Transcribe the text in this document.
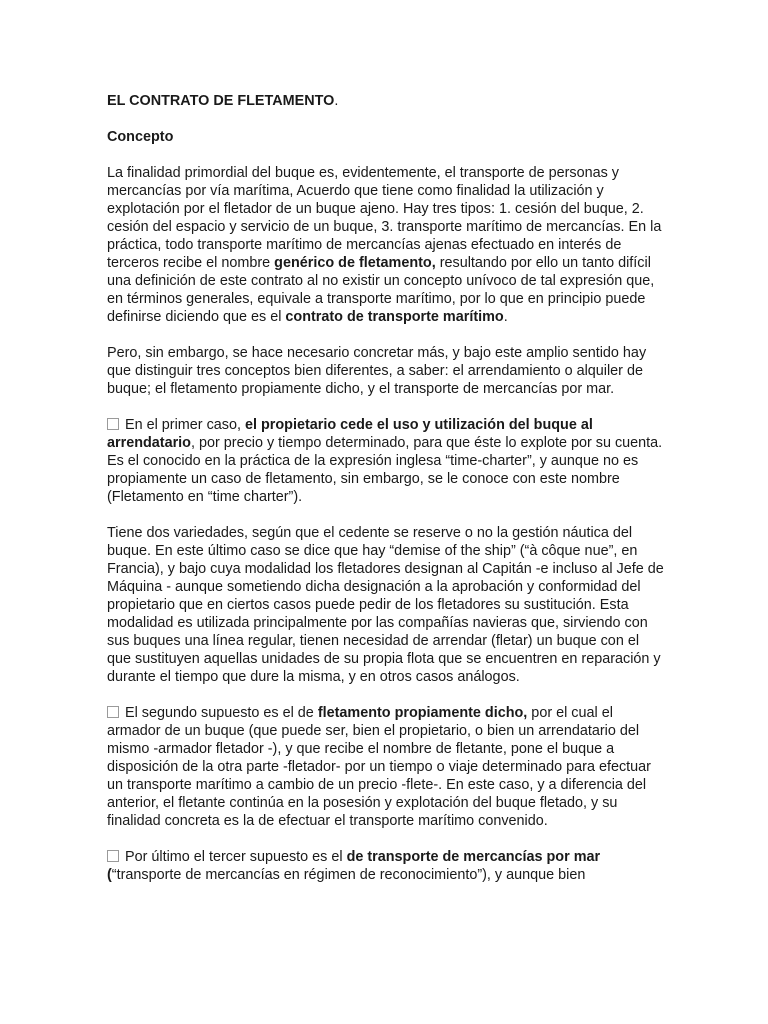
EL CONTRATO DE FLETAMENTO.
Concepto

La finalidad primordial del buque es, evidentemente, el transporte de personas y mercancías por vía marítima, Acuerdo que tiene como finalidad la utilización y explotación por el fletador de un buque ajeno. Hay tres tipos: 1. cesión del buque, 2. cesión del espacio y servicio de un buque, 3. transporte marítimo de mercancías. En la práctica, todo transporte marítimo de mercancías ajenas efectuado en interés de terceros recibe el nombre genérico de fletamento, resultando por ello un tanto difícil una definición de este contrato al no existir un concepto unívoco de tal expresión que, en términos generales, equivale a transporte marítimo, por lo que en principio puede definirse diciendo que es el contrato de transporte marítimo.

Pero, sin embargo, se hace necesario concretar más, y bajo este amplio sentido hay que distinguir tres conceptos bien diferentes, a saber: el arrendamiento o alquiler de buque; el fletamento propiamente dicho, y el transporte de mercancías por mar.

En el primer caso, el propietario cede el uso y utilización del buque al arrendatario, por precio y tiempo determinado, para que éste lo explote por su cuenta. Es el conocido en la práctica de la expresión inglesa “time-charter”, y aunque no es propiamente un caso de fletamento, sin embargo, se le conoce con este nombre (Fletamento en “time charter”).

Tiene dos variedades, según que el cedente se reserve o no la gestión náutica del buque. En este último caso se dice que hay “demise of the ship” (“à côque nue”, en Francia), y bajo cuya modalidad los fletadores designan al Capitán -e incluso al Jefe de Máquina - aunque sometiendo dicha designación a la aprobación y conformidad del propietario que en ciertos casos puede pedir de los fletadores su sustitución. Esta modalidad es utilizada principalmente por las compañías navieras que, sirviendo con sus buques una línea regular, tienen necesidad de arrendar (fletar) un buque con el que sustituyen aquellas unidades de su propia flota que se encuentren en reparación y durante el tiempo que dure la misma, y en otros casos análogos.

El segundo supuesto es el de fletamento propiamente dicho, por el cual el armador de un buque (que puede ser, bien el propietario, o bien un arrendatario del mismo -armador fletador -), y que recibe el nombre de fletante, pone el buque a disposición de la otra parte -fletador- por un tiempo o viaje determinado para efectuar un transporte marítimo a cambio de un precio -flete-. En este caso, y a diferencia del anterior, el fletante continúa en la posesión y explotación del buque fletado, y su finalidad concreta es la de efectuar el transporte marítimo convenido.

Por último el tercer supuesto es el de transporte de mercancías por mar (“transporte de mercancías en régimen de reconocimiento”), y aunque bien
